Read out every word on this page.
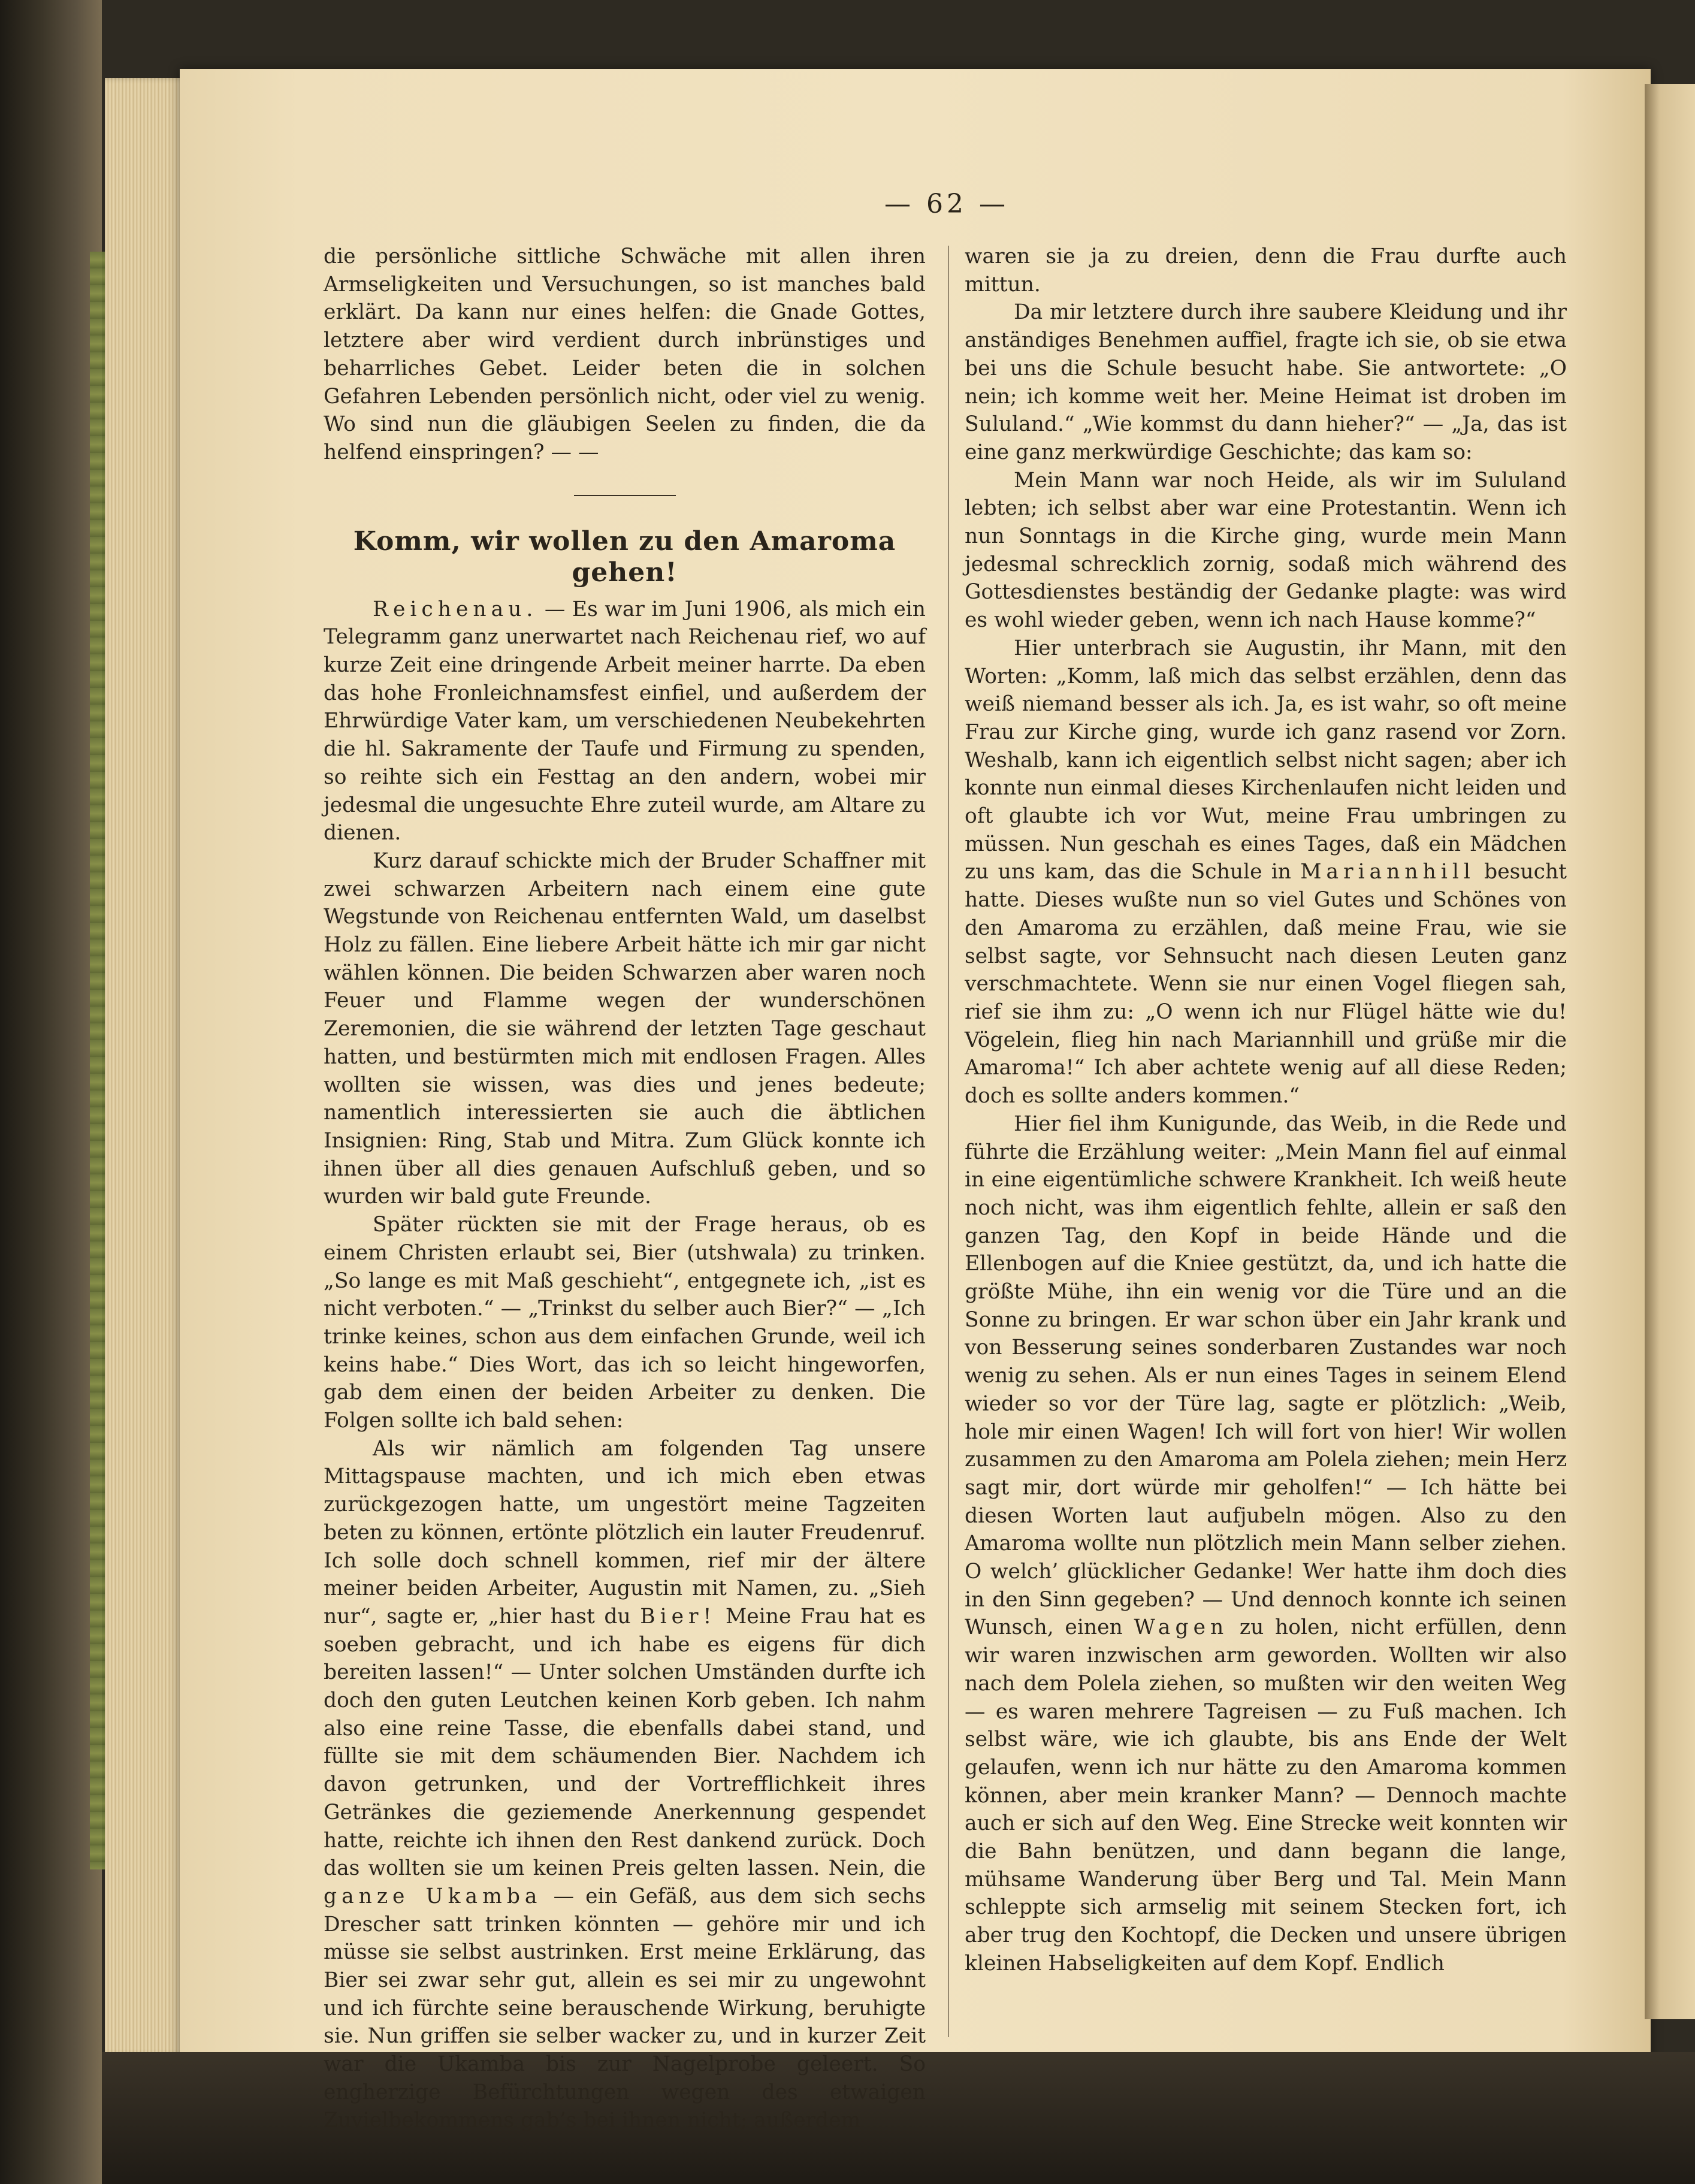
— 62 —

die persönliche sittliche Schwäche mit allen ihren Armseligkeiten und Versuchungen, so ist manches bald erklärt. Da kann nur eines helfen: die Gnade Gottes, letztere aber wird verdient durch inbrünstiges und beharrliches Gebet. Leider beten die in solchen Gefahren Lebenden persönlich nicht, oder viel zu wenig. Wo sind nun die gläubigen Seelen zu finden, die da helfend einspringen? — —

Komm, wir wollen zu den Amaroma gehen!

Reichenau. — Es war im Juni 1906, als mich ein Telegramm ganz unerwartet nach Reichenau rief, wo auf kurze Zeit eine dringende Arbeit meiner harrte. Da eben das hohe Fronleichnamsfest einfiel, und außerdem der Ehrwürdige Vater kam, um verschiedenen Neubekehrten die hl. Sakramente der Taufe und Firmung zu spenden, so reihte sich ein Festtag an den andern, wobei mir jedesmal die ungesuchte Ehre zuteil wurde, am Altare zu dienen.

Kurz darauf schickte mich der Bruder Schaffner mit zwei schwarzen Arbeitern nach einem eine gute Wegstunde von Reichenau entfernten Wald, um daselbst Holz zu fällen. Eine liebere Arbeit hätte ich mir gar nicht wählen können. Die beiden Schwarzen aber waren noch Feuer und Flamme wegen der wunderschönen Zeremonien, die sie während der letzten Tage geschaut hatten, und bestürmten mich mit endlosen Fragen. Alles wollten sie wissen, was dies und jenes bedeute; namentlich interessierten sie auch die äbtlichen Insignien: Ring, Stab und Mitra. Zum Glück konnte ich ihnen über all dies genauen Aufschluß geben, und so wurden wir bald gute Freunde.

Später rückten sie mit der Frage heraus, ob es einem Christen erlaubt sei, Bier (utshwala) zu trinken. „So lange es mit Maß geschieht“, entgegnete ich, „ist es nicht verboten.“ — „Trinkst du selber auch Bier?“ — „Ich trinke keines, schon aus dem einfachen Grunde, weil ich keins habe.“ Dies Wort, das ich so leicht hingeworfen, gab dem einen der beiden Arbeiter zu denken. Die Folgen sollte ich bald sehen:

Als wir nämlich am folgenden Tag unsere Mittagspause machten, und ich mich eben etwas zurückgezogen hatte, um ungestört meine Tagzeiten beten zu können, ertönte plötzlich ein lauter Freudenruf. Ich solle doch schnell kommen, rief mir der ältere meiner beiden Arbeiter, Augustin mit Namen, zu. „Sieh nur“, sagte er, „hier hast du Bier! Meine Frau hat es soeben gebracht, und ich habe es eigens für dich bereiten lassen!“ — Unter solchen Umständen durfte ich doch den guten Leutchen keinen Korb geben. Ich nahm also eine reine Tasse, die ebenfalls dabei stand, und füllte sie mit dem schäumenden Bier. Nachdem ich davon getrunken, und der Vortrefflichkeit ihres Getränkes die geziemende Anerkennung gespendet hatte, reichte ich ihnen den Rest dankend zurück. Doch das wollten sie um keinen Preis gelten lassen. Nein, die ganze Ukamba — ein Gefäß, aus dem sich sechs Drescher satt trinken könnten — gehöre mir und ich müsse sie selbst austrinken. Erst meine Erklärung, das Bier sei zwar sehr gut, allein es sei mir zu ungewohnt und ich fürchte seine berauschende Wirkung, beruhigte sie. Nun griffen sie selber wacker zu, und in kurzer Zeit war die Ukamba bis zur Nagelprobe geleert. So engherzige Befürchtungen wegen des etwaigen Zuvielbekommens gab’s bei ihnen nicht; außerdem

waren sie ja zu dreien, denn die Frau durfte auch mittun.

Da mir letztere durch ihre saubere Kleidung und ihr anständiges Benehmen auffiel, fragte ich sie, ob sie etwa bei uns die Schule besucht habe. Sie antwortete: „O nein; ich komme weit her. Meine Heimat ist droben im Sululand.“ „Wie kommst du dann hieher?“ — „Ja, das ist eine ganz merkwürdige Geschichte; das kam so:

Mein Mann war noch Heide, als wir im Sululand lebten; ich selbst aber war eine Protestantin. Wenn ich nun Sonntags in die Kirche ging, wurde mein Mann jedesmal schrecklich zornig, sodaß mich während des Gottesdienstes beständig der Gedanke plagte: was wird es wohl wieder geben, wenn ich nach Hause komme?“

Hier unterbrach sie Augustin, ihr Mann, mit den Worten: „Komm, laß mich das selbst erzählen, denn das weiß niemand besser als ich. Ja, es ist wahr, so oft meine Frau zur Kirche ging, wurde ich ganz rasend vor Zorn. Weshalb, kann ich eigentlich selbst nicht sagen; aber ich konnte nun einmal dieses Kirchenlaufen nicht leiden und oft glaubte ich vor Wut, meine Frau umbringen zu müssen. Nun geschah es eines Tages, daß ein Mädchen zu uns kam, das die Schule in Mariannhill besucht hatte. Dieses wußte nun so viel Gutes und Schönes von den Amaroma zu erzählen, daß meine Frau, wie sie selbst sagte, vor Sehnsucht nach diesen Leuten ganz verschmachtete. Wenn sie nur einen Vogel fliegen sah, rief sie ihm zu: „O wenn ich nur Flügel hätte wie du! Vögelein, flieg hin nach Mariannhill und grüße mir die Amaroma!“ Ich aber achtete wenig auf all diese Reden; doch es sollte anders kommen.“

Hier fiel ihm Kunigunde, das Weib, in die Rede und führte die Erzählung weiter: „Mein Mann fiel auf einmal in eine eigentümliche schwere Krankheit. Ich weiß heute noch nicht, was ihm eigentlich fehlte, allein er saß den ganzen Tag, den Kopf in beide Hände und die Ellenbogen auf die Kniee gestützt, da, und ich hatte die größte Mühe, ihn ein wenig vor die Türe und an die Sonne zu bringen. Er war schon über ein Jahr krank und von Besserung seines sonderbaren Zustandes war noch wenig zu sehen. Als er nun eines Tages in seinem Elend wieder so vor der Türe lag, sagte er plötzlich: „Weib, hole mir einen Wagen! Ich will fort von hier! Wir wollen zusammen zu den Amaroma am Polela ziehen; mein Herz sagt mir, dort würde mir geholfen!“ — Ich hätte bei diesen Worten laut aufjubeln mögen. Also zu den Amaroma wollte nun plötzlich mein Mann selber ziehen. O welch’ glücklicher Gedanke! Wer hatte ihm doch dies in den Sinn gegeben? — Und dennoch konnte ich seinen Wunsch, einen Wagen zu holen, nicht erfüllen, denn wir waren inzwischen arm geworden. Wollten wir also nach dem Polela ziehen, so mußten wir den weiten Weg — es waren mehrere Tagreisen — zu Fuß machen. Ich selbst wäre, wie ich glaubte, bis ans Ende der Welt gelaufen, wenn ich nur hätte zu den Amaroma kommen können, aber mein kranker Mann? — Dennoch machte auch er sich auf den Weg. Eine Strecke weit konnten wir die Bahn benützen, und dann begann die lange, mühsame Wanderung über Berg und Tal. Mein Mann schleppte sich armselig mit seinem Stecken fort, ich aber trug den Kochtopf, die Decken und unsere übrigen kleinen Habseligkeiten auf dem Kopf. Endlich
